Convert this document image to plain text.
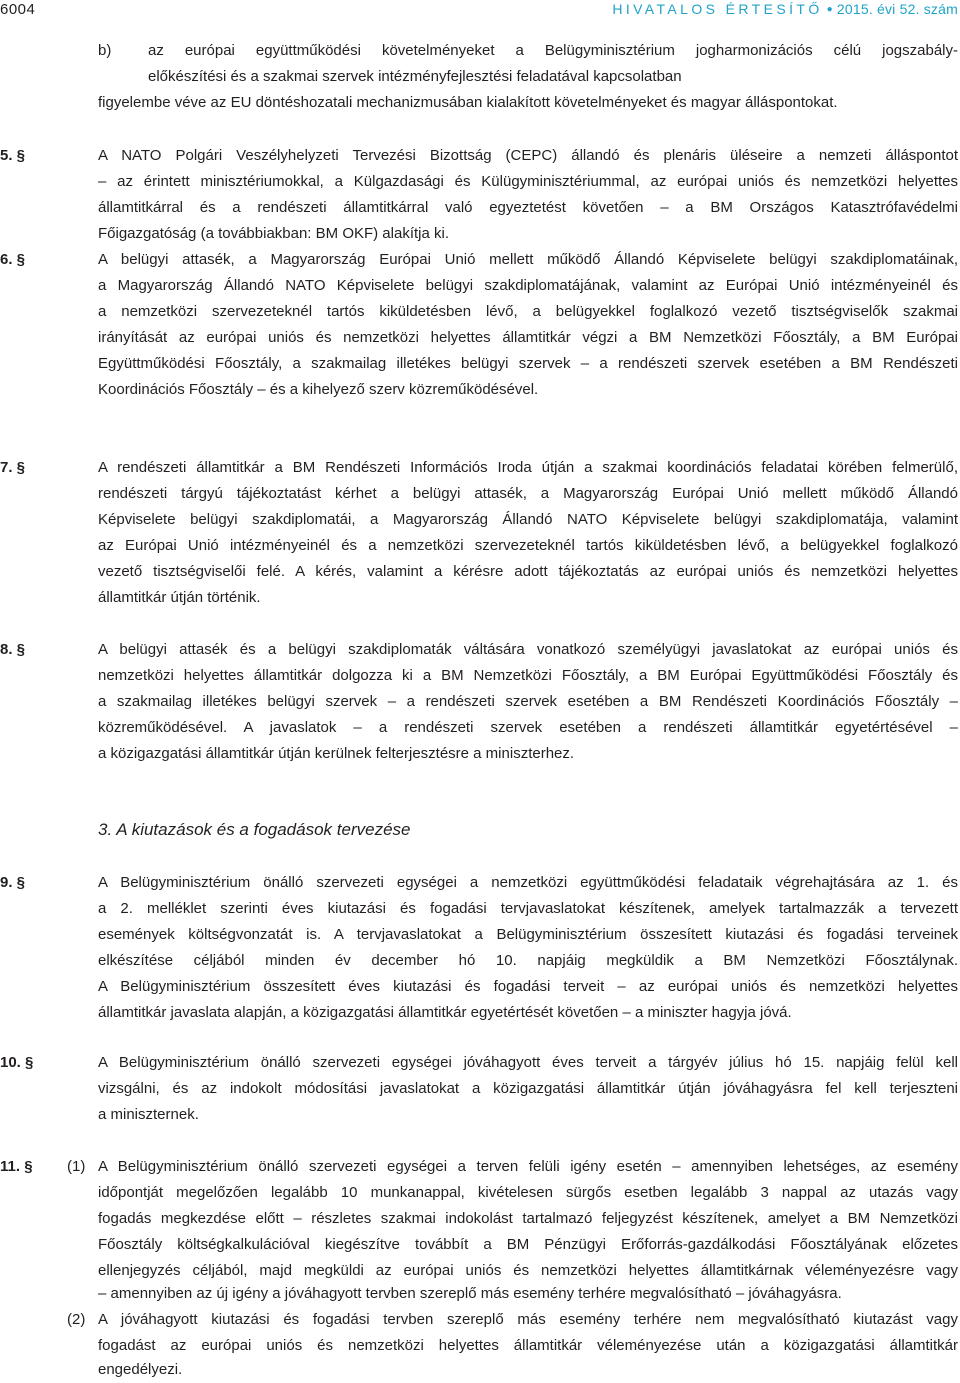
6004	HIVATALOS ÉRTESÍTŐ ● 2015. évi 52. szám
b) az európai együttműködési követelményeket a Belügyminisztérium jogharmonizációs célú jogszabály-
előkészítési és a szakmai szervek intézményfejlesztési feladatával kapcsolatban
figyelembe véve az EU döntéshozatali mechanizmusában kialakított követelményeket és magyar álláspontokat.
5. §	A NATO Polgári Veszélyhelyzeti Tervezési Bizottság (CEPC) állandó és plenáris üléseire a nemzeti álláspontot
– az érintett minisztériumokkal, a Külgazdasági és Külügyminisztériummal, az európai uniós és nemzetközi helyettes
államtitkárral és a rendészeti államtitkárral való egyeztetést követően – a BM Országos Katasztrófavédelmi
Főigazgatóság (a továbbiakban: BM OKF) alakítja ki.
6. §	A belügyi attasék, a Magyarország Európai Unió mellett működő Állandó Képviselete belügyi szakdiplomatáinak,
a Magyarország Állandó NATO Képviselete belügyi szakdiplomatájának, valamint az Európai Unió intézményeinél és
a nemzetközi szervezeteknél tartós kiküldetésben lévő, a belügyekkel foglalkozó vezető tisztségviselők szakmai
irányítását az európai uniós és nemzetközi helyettes államtitkár végzi a BM Nemzetközi Főosztály, a BM Európai
Együttműködési Főosztály, a szakmailag illetékes belügyi szervek – a rendészeti szervek esetében a BM Rendészeti
Koordinációs Főosztály – és a kihelyező szerv közreműködésével.
7. §	A rendészeti államtitkár a BM Rendészeti Információs Iroda útján a szakmai koordinációs feladatai körében felmerülő,
rendészeti tárgyú tájékoztatást kérhet a belügyi attasék, a Magyarország Európai Unió mellett működő Állandó
Képviselete belügyi szakdiplomatái, a Magyarország Állandó NATO Képviselete belügyi szakdiplomatája, valamint
az Európai Unió intézményeinél és a nemzetközi szervezeteknél tartós kiküldetésben lévő, a belügyekkel foglalkozó
vezető tisztségviselői felé. A kérés, valamint a kérésre adott tájékoztatás az európai uniós és nemzetközi helyettes
államtitkár útján történik.
8. §	A belügyi attasék és a belügyi szakdiplomaták váltására vonatkozó személyügyi javaslatokat az európai uniós és
nemzetközi helyettes államtitkár dolgozza ki a BM Nemzetközi Főosztály, a BM Európai Együttműködési Főosztály és
a szakmailag illetékes belügyi szervek – a rendészeti szervek esetében a BM Rendészeti Koordinációs Főosztály –
közreműködésével. A javaslatok – a rendészeti szervek esetében a rendészeti államtitkár egyetértésével –
a közigazgatási államtitkár útján kerülnek felterjesztésre a miniszterhez.
3. A kiutazások és a fogadások tervezése
9. §	A Belügyminisztérium önálló szervezeti egységei a nemzetközi együttműködési feladataik végrehajtására az 1. és
a 2. melléklet szerinti éves kiutazási és fogadási tervjavaslatokat készítenek, amelyek tartalmazzák a tervezett
események költségvonzatát is. A tervjavaslatokat a Belügyminisztérium összesített kiutazási és fogadási terveinek
elkészítése céljából minden év december hó 10. napjáig megküldik a BM Nemzetközi Főosztálynak.
A Belügyminisztérium összesített éves kiutazási és fogadási terveit – az európai uniós és nemzetközi helyettes
államtitkár javaslata alapján, a közigazgatási államtitkár egyetértését követően – a miniszter hagyja jóvá.
10. §	A Belügyminisztérium önálló szervezeti egységei jóváhagyott éves terveit a tárgyév július hó 15. napjáig felül kell
vizsgálni, és az indokolt módosítási javaslatokat a közigazgatási államtitkár útján jóváhagyásra fel kell terjeszteni
a miniszternek.
11. § (1) A Belügyminisztérium önálló szervezeti egységei a terven felüli igény esetén – amennyiben lehetséges, az esemény
időpontját megelőzően legalább 10 munkanappal, kivételesen sürgős esetben legalább 3 nappal az utazás vagy
fogadás megkezdése előtt – részletes szakmai indokolást tartalmazó feljegyzést készítenek, amelyet a BM Nemzetközi
Főosztály költségkalkulációval kiegészítve továbbít a BM Pénzügyi Erőforrás-gazdálkodási Főosztályának előzetes
ellenjegyzés céljából, majd megküldi az európai uniós és nemzetközi helyettes államtitkárnak véleményezésre vagy
– amennyiben az új igény a jóváhagyott tervben szereplő más esemény terhére megvalósítható – jóváhagyásra.
(2) A jóváhagyott kiutazási és fogadási tervben szereplő más esemény terhére nem megvalósítható kiutazást vagy
fogadást az európai uniós és nemzetközi helyettes államtitkár véleményezése után a közigazgatási államtitkár
engedélyezi.
